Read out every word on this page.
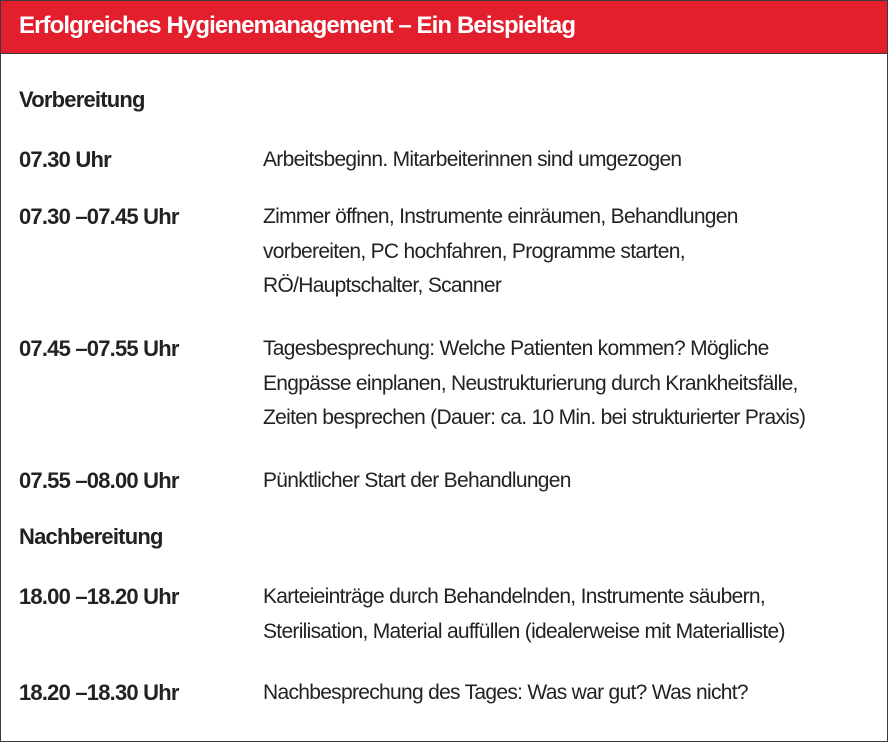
Erfolgreiches Hygienemanagement – Ein Beispieltag
Vorbereitung
07.30 Uhr	Arbeitsbeginn. Mitarbeiterinnen sind umgezogen
07.30 –07.45 Uhr	Zimmer öffnen, Instrumente einräumen, Behandlungen
vorbereiten, PC hochfahren, Programme starten,
RÖ/Hauptschalter, Scanner
07.45 –07.55 Uhr	Tagesbesprechung: Welche Patienten kommen? Mögliche
Engpässe einplanen, Neustrukturierung durch Krankheitsfälle,
Zeiten besprechen (Dauer: ca. 10 Min. bei strukturierter Praxis)
07.55 –08.00 Uhr	Pünktlicher Start der Behandlungen
Nachbereitung
18.00 –18.20 Uhr	Karteieinträge durch Behandelnden, Instrumente säubern,
Sterilisation, Material auffüllen (idealerweise mit Materialliste)
18.20 –18.30 Uhr	Nachbesprechung des Tages: Was war gut? Was nicht?
